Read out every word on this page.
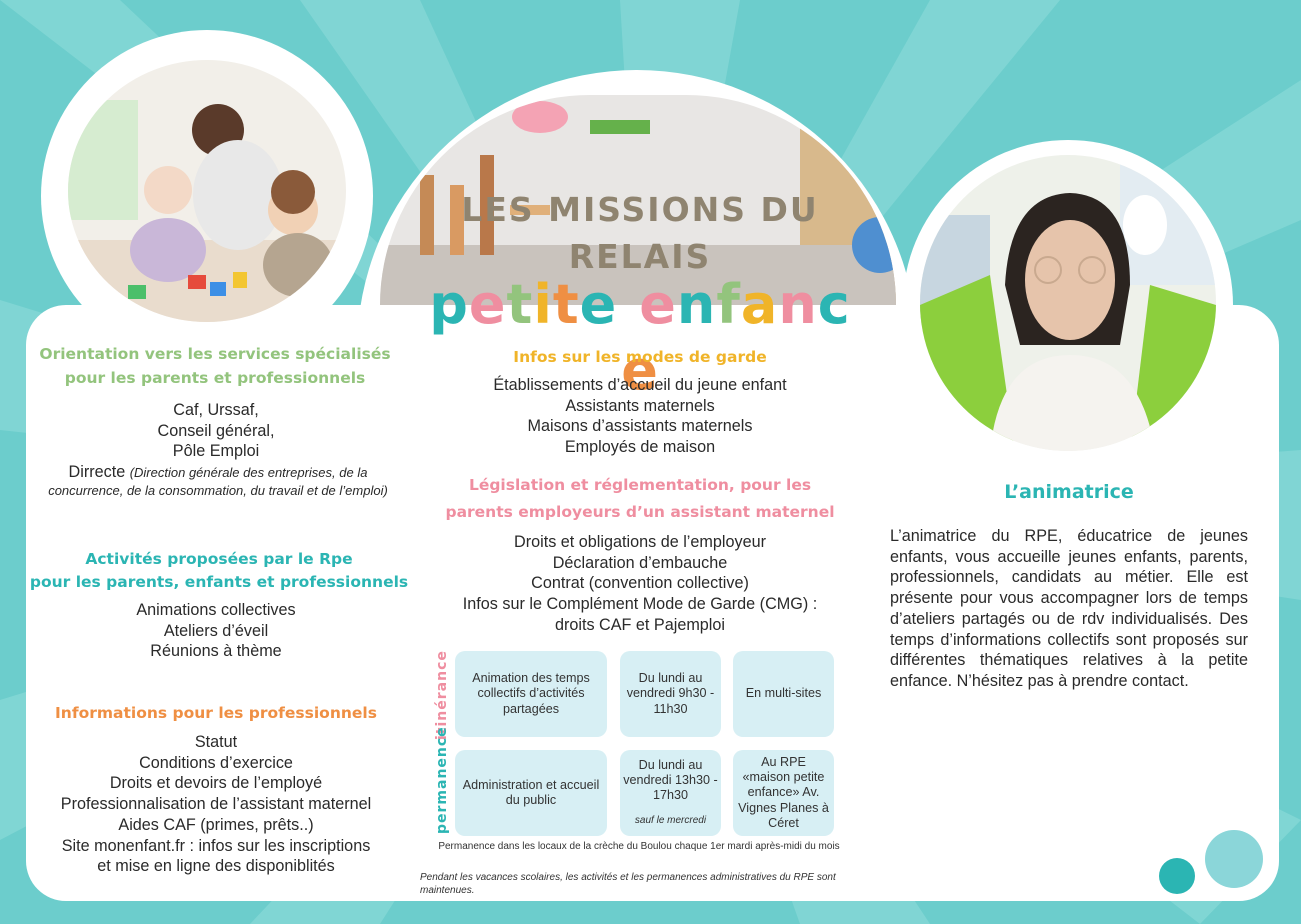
LES MISSIONS DU
RELAIS
petite enfance
Orientation vers les services spécialisés
pour les parents et professionnels
Caf, Urssaf,
Conseil général,
Pôle Emploi
Dirrecte (Direction générale des entreprises, de la concurrence, de la consommation, du travail et de l’emploi)
Activités proposées par le Rpe
pour les parents, enfants et professionnels
Animations collectives
Ateliers d’éveil
Réunions à thème
Informations pour les professionnels
Statut
Conditions d’exercice
Droits et devoirs de l’employé
Professionnalisation de l’assistant maternel
Aides CAF (primes, prêts..)
Site monenfant.fr : infos sur les inscriptions
et mise en ligne des disponiblités
Infos sur les modes de garde
Établissements d’accueil du jeune enfant
Assistants maternels
Maisons d’assistants maternels
Employés de maison
Législation et réglementation, pour les
parents employeurs d’un assistant maternel
Droits et obligations de l’employeur
Déclaration d’embauche
Contrat (convention collective)
Infos sur le Complément Mode de Garde (CMG) :
droits CAF et Pajemploi
itinérance
permanence
Animation des temps collectifs d’activités partagées
Du lundi au vendredi 9h30 - 11h30
En multi-sites
Administration et accueil du public
Du lundi au vendredi 13h30 - 17h30
sauf le mercredi
Au RPE «maison petite enfance» Av. Vignes Planes à Céret
Permanence dans les locaux de la crèche du Boulou chaque 1er mardi après-midi du mois
Pendant les vacances scolaires, les activités et les permanences administratives du RPE sont maintenues.
L’animatrice
L’animatrice du RPE, éducatrice de jeunes enfants, vous accueille jeunes enfants, parents, professionnels, candidats au métier. Elle est présente pour vous accompagner lors de temps d’ateliers partagés ou de rdv individualisés. Des temps d’informations collectifs sont proposés sur différentes thématiques relatives à la petite enfance. N’hésitez pas à prendre contact.
